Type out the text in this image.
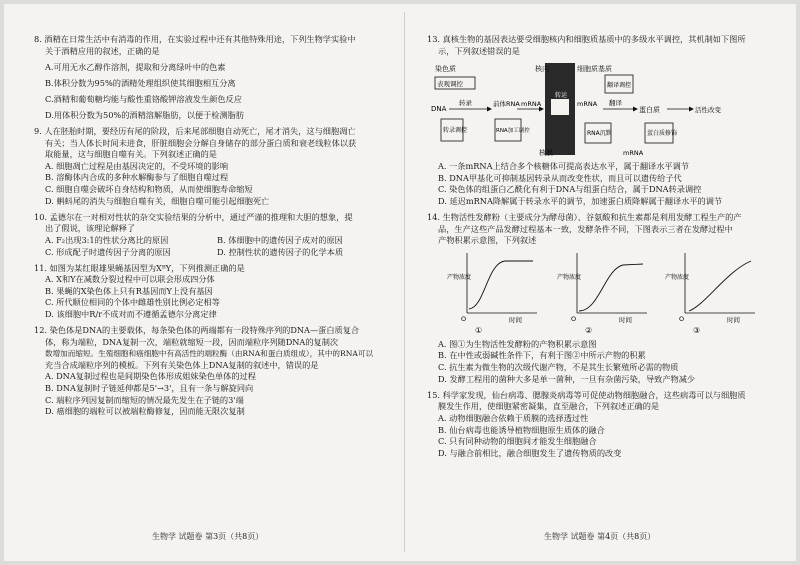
8. 酒精在日常生活中有消毒的作用，在实验过程中还有其他特殊用途，下列生物学实验中

关于酒精应用的叙述，正确的是

A.可用无水乙醇作溶剂，提取和分离绿叶中的色素

B.体积分数为95%的酒精处理组织使其细胞相互分离

C.酒精和葡萄糖均能与酸性重铬酸钾溶液发生颜色反应

D.用体积分数为50%的酒精溶解脂肪，以便于检测脂肪

9. 人在胚胎时期，要经历有尾的阶段，后来尾部细胞自动死亡，尾才消失，这与细胞凋亡

有关；当人体长时间未进食，肝脏细胞会分解自身储存的部分蛋白质和衰老线粒体以获

取能量，这与细胞自噬有关。下列叙述正确的是

A. 细胞凋亡过程是由基因决定的，不受环境的影响

B. 溶酶体内合成的多种水解酶参与了细胞自噬过程

C. 细胞自噬会破坏自身结构和物质，从而使细胞寿命缩短

D. 蝌蚪尾的消失与细胞自噬有关，细胞自噬可能引起细胞死亡

10. 孟德尔在一对相对性状的杂交实验结果的分析中，通过严谨的推理和大胆的想象，提

出了假说，该理论解释了

A. F₂出现3:1的性状分离比的原因	B. 体细胞中的遗传因子成对的原因
C. 形成配子时遗传因子分离的原因	D. 控制性状的遗传因子的化学本质

11. 如图为某红眼雄果蝇基因型为XᴮY，下列推测正确的是

A. X和Y在减数分裂过程中可以联会形成四分体

B. 果蝇的X染色体上只有R基因而Y上没有基因

C. 所代顺位相同的个体中雌雄性别比例必定相等

D. 该细胞中R/r不成对而不遵循孟德尔分离定律

12. 染色体是DNA的主要载体，每条染色体的两端都有一段特殊序列的DNA—蛋白质复合

体，称为端粒，DNA复制一次，端粒就缩短一段，因而端粒序列随DNA的复制次

数增加而缩短。生殖细胞和癌细胞中有高活性的端粒酶（由RNA和蛋白质组成），其中的RNA可以

充当合成端粒序列的模板。下列有关染色体上DNA复制的叙述中，错误的是

A. DNA复制过程也是间期染色体形成姐妹染色单体的过程

B. DNA复制时子链延伸都是5'→3'，且有一条与解旋同向

C. 端粒序列因复制而缩短的情况最先发生在子链的3'端

D. 癌细胞的端粒可以被端粒酶修复，因而能无限次复制

生物学 试题卷 第3页（共8页）

13. 真核生物的基因表达要受细胞核内和细胞质基质中的多级水平调控，其机制如下图所

示，下列叙述错误的是

核内	细胞质基质
核膜
转运
染色质
表观调控
DNA
转录	前体RNA
转录调控	RNA加工调控
mRNA	mRNA 翻译
蛋白质	活性改变
翻译调控
RNA沉默	蛋白质修饰
mRNA

A. 一条mRNA上结合多个核糖体可提高表达水平，属于翻译水平调节

B. DNA甲基化可抑制基因转录从而改变性状，而且可以遗传给子代

C. 染色体的组蛋白乙酰化有利于DNA与组蛋白结合，属于DNA转录调控

D. 延迟mRNA降解属于转录水平的调节，加速蛋白质降解属于翻译水平的调节

14. 生物活性发酵粉（主要成分为酵母菌）、谷氨酸和抗生素都是利用发酵工程生产的产

品，生产这些产品发酵过程基本一致，发酵条件不同，下图表示三者在发酵过程中

产物积累示意图，下列叙述

产物浓度
O	时间
①
产物浓度
O	时间
②
产物浓度
O	时间
③

A. 图①为生物活性发酵粉的产物积累示意图

B. 在中性或弱碱性条件下，有利于图②中所示产物的积累

C. 抗生素为微生物的次级代谢产物，不是其生长繁殖所必需的物质

D. 发酵工程用的菌种大多是单一菌种，一旦有杂菌污染，导致产物减少

15. 科学家发现，仙台病毒、腮腺炎病毒等可促使动物细胞融合，这些病毒可以与细胞质

膜发生作用，使细胞紧密凝集，直至融合，下列叙述正确的是

A. 动物细胞融合依赖于质膜的选择透过性

B. 仙台病毒也能诱导植物细胞原生质体的融合

C. 只有同种动物的细胞间才能发生细胞融合

D. 与融合前相比，融合细胞发生了遗传物质的改变

生物学 试题卷 第4页（共8页）
